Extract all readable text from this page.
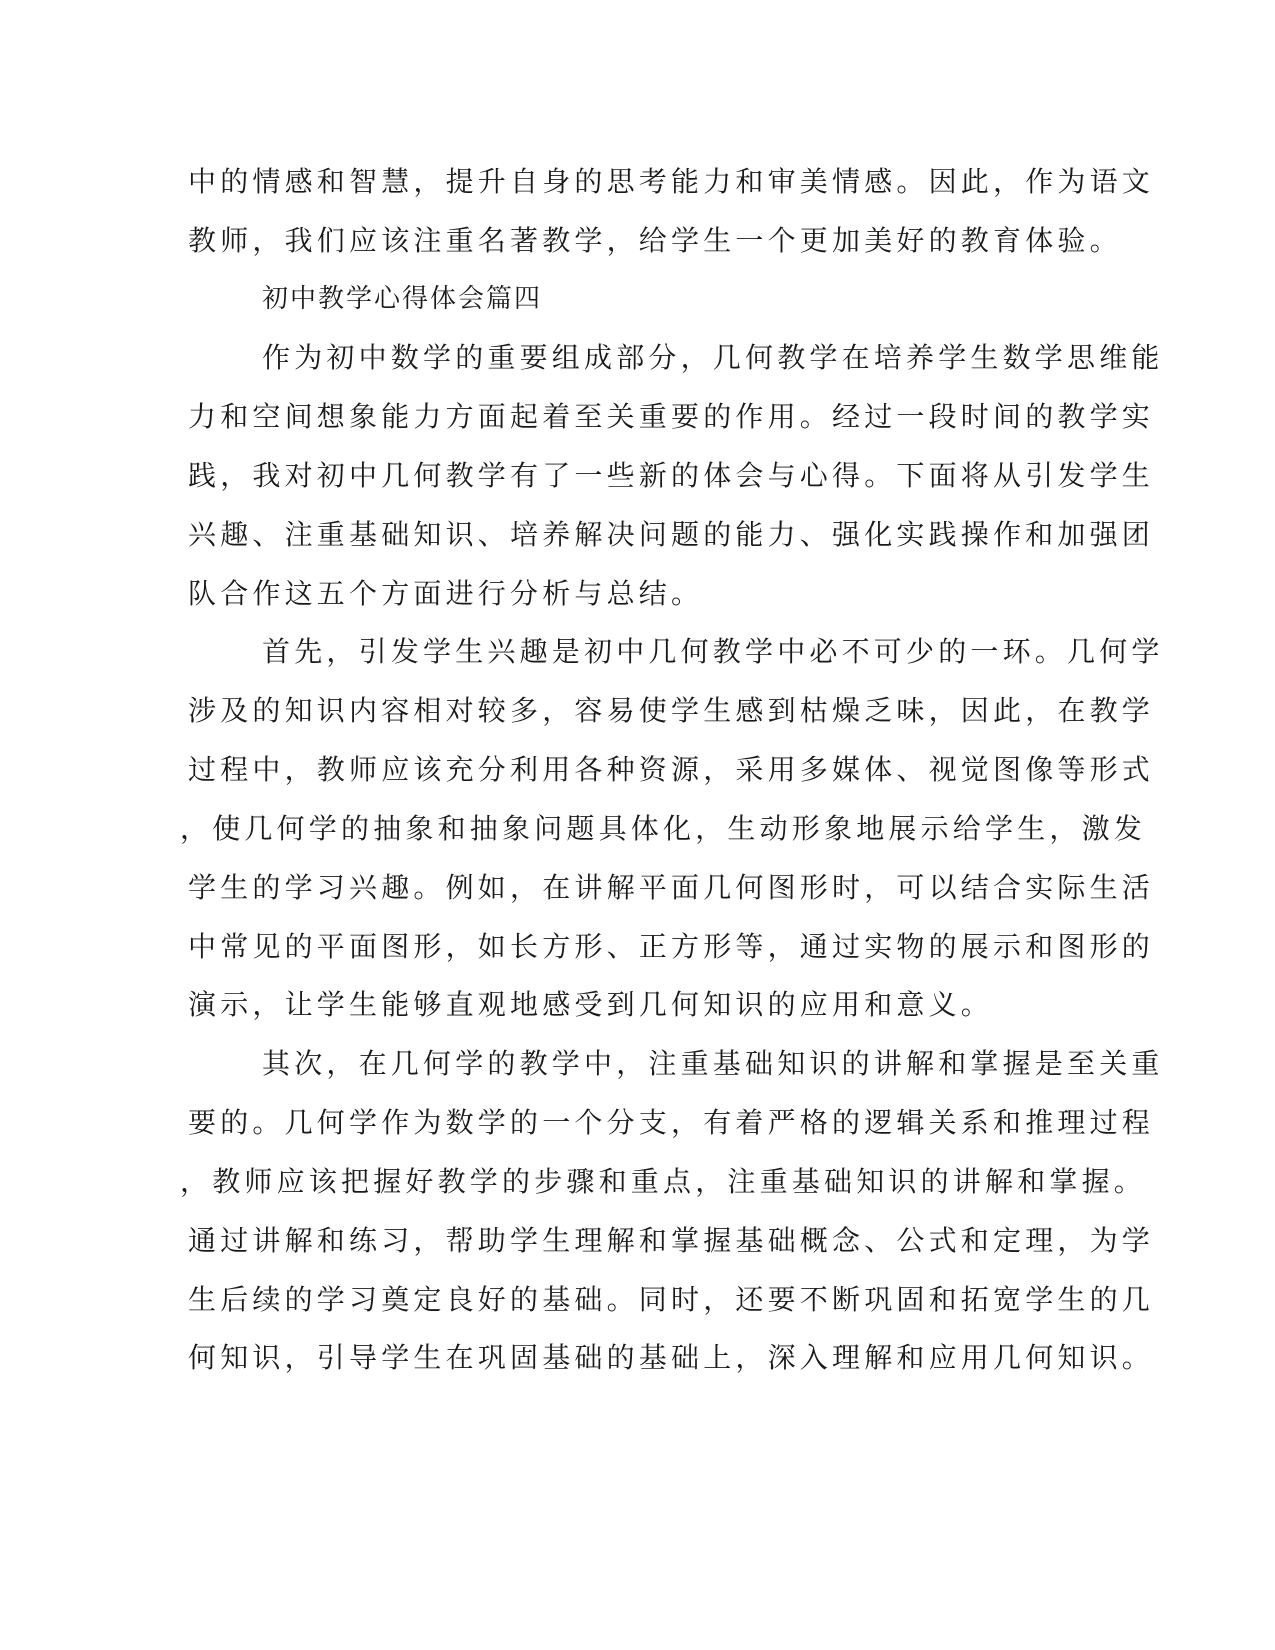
中的情感和智慧，提升自身的思考能力和审美情感。因此，作为语文
教师，我们应该注重名著教学，给学生一个更加美好的教育体验。
初中教学心得体会篇四
作为初中数学的重要组成部分，几何教学在培养学生数学思维能
力和空间想象能力方面起着至关重要的作用。经过一段时间的教学实
践，我对初中几何教学有了一些新的体会与心得。下面将从引发学生
兴趣、注重基础知识、培养解决问题的能力、强化实践操作和加强团
队合作这五个方面进行分析与总结。
首先，引发学生兴趣是初中几何教学中必不可少的一环。几何学
涉及的知识内容相对较多，容易使学生感到枯燥乏味，因此，在教学
过程中，教师应该充分利用各种资源，采用多媒体、视觉图像等形式
，使几何学的抽象和抽象问题具体化，生动形象地展示给学生，激发
学生的学习兴趣。例如，在讲解平面几何图形时，可以结合实际生活
中常见的平面图形，如长方形、正方形等，通过实物的展示和图形的
演示，让学生能够直观地感受到几何知识的应用和意义。
其次，在几何学的教学中，注重基础知识的讲解和掌握是至关重
要的。几何学作为数学的一个分支，有着严格的逻辑关系和推理过程
，教师应该把握好教学的步骤和重点，注重基础知识的讲解和掌握。
通过讲解和练习，帮助学生理解和掌握基础概念、公式和定理，为学
生后续的学习奠定良好的基础。同时，还要不断巩固和拓宽学生的几
何知识，引导学生在巩固基础的基础上，深入理解和应用几何知识。
